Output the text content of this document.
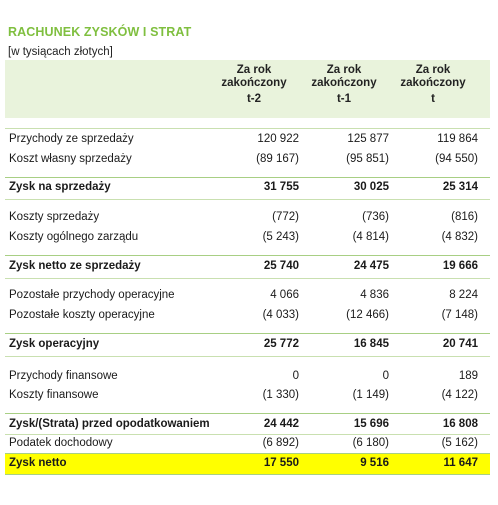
RACHUNEK ZYSKÓW I STRAT
[w tysiącach złotych]
Za rok
zakończony
t-2
Za rok
zakończony
t-1
Za rok
zakończony
t
Przychody ze sprzedaży	120 922	125 877	119 864
Koszt własny sprzedaży	(89 167)	(95 851)	(94 550)
Zysk na sprzedaży	31 755	30 025	25 314
Koszty sprzedaży	(772)	(736)	(816)
Koszty ogólnego zarządu	(5 243)	(4 814)	(4 832)
Zysk netto ze sprzedaży	25 740	24 475	19 666
Pozostałe przychody operacyjne	4 066	4 836	8 224
Pozostałe koszty operacyjne	(4 033)	(12 466)	(7 148)
Zysk operacyjny	25 772	16 845	20 741
Przychody finansowe	0	0	189
Koszty finansowe	(1 330)	(1 149)	(4 122)
Zysk/(Strata) przed opodatkowaniem	24 442	15 696	16 808
Podatek dochodowy	(6 892)	(6 180)	(5 162)
Zysk netto	17 550	9 516	11 647
